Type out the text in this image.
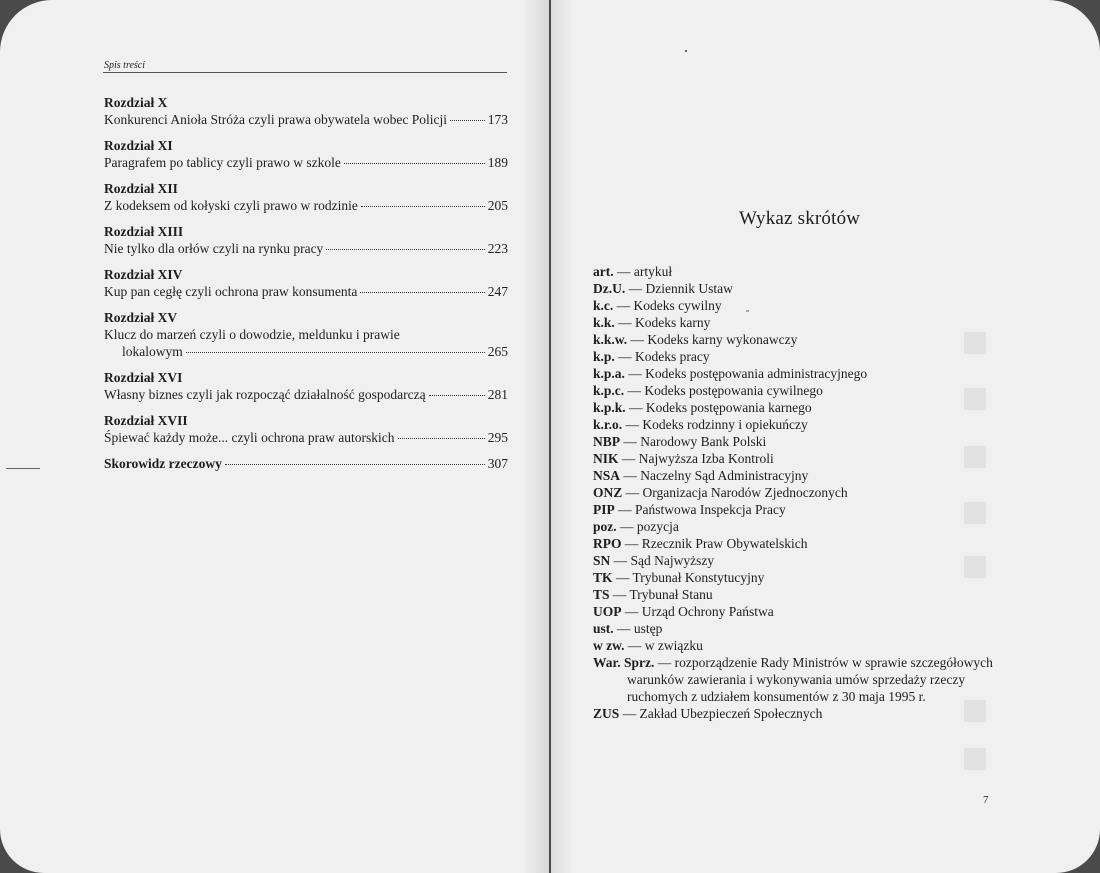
Spis treści
Rozdział X
Konkurenci Anioła Stróża czyli prawa obywatela wobec Policji	173
Rozdział XI
Paragrafem po tablicy czyli prawo w szkole	189
Rozdział XII
Z kodeksem od kołyski czyli prawo w rodzinie	205
Rozdział XIII
Nie tylko dla orłów czyli na rynku pracy	223
Rozdział XIV
Kup pan cegłę czyli ochrona praw konsumenta	247
Rozdział XV
Klucz do marzeń czyli o dowodzie, meldunku i prawie
lokalowym	265
Rozdział XVI
Własny biznes czyli jak rozpocząć działalność gospodarczą	281
Rozdział XVII
Śpiewać każdy może... czyli ochrona praw autorskich	295
Skorowidz rzeczowy	307
Wykaz skrótów
art. — artykuł
Dz.U. — Dziennik Ustaw
k.c. — Kodeks cywilny
k.k. — Kodeks karny
k.k.w. — Kodeks karny wykonawczy
k.p. — Kodeks pracy
k.p.a. — Kodeks postępowania administracyjnego
k.p.c. — Kodeks postępowania cywilnego
k.p.k. — Kodeks postępowania karnego
k.r.o. — Kodeks rodzinny i opiekuńczy
NBP — Narodowy Bank Polski
NIK — Najwyższa Izba Kontroli
NSA — Naczelny Sąd Administracyjny
ONZ — Organizacja Narodów Zjednoczonych
PIP — Państwowa Inspekcja Pracy
poz. — pozycja
RPO — Rzecznik Praw Obywatelskich
SN — Sąd Najwyższy
TK — Trybunał Konstytucyjny
TS — Trybunał Stanu
UOP — Urząd Ochrony Państwa
ust. — ustęp
w zw. — w związku
War. Sprz. — rozporządzenie Rady Ministrów w sprawie szczegółowych
warunków zawierania i wykonywania umów sprzedaży rzeczy
ruchomych z udziałem konsumentów z 30 maja 1995 r.
ZUS — Zakład Ubezpieczeń Społecznych
7
